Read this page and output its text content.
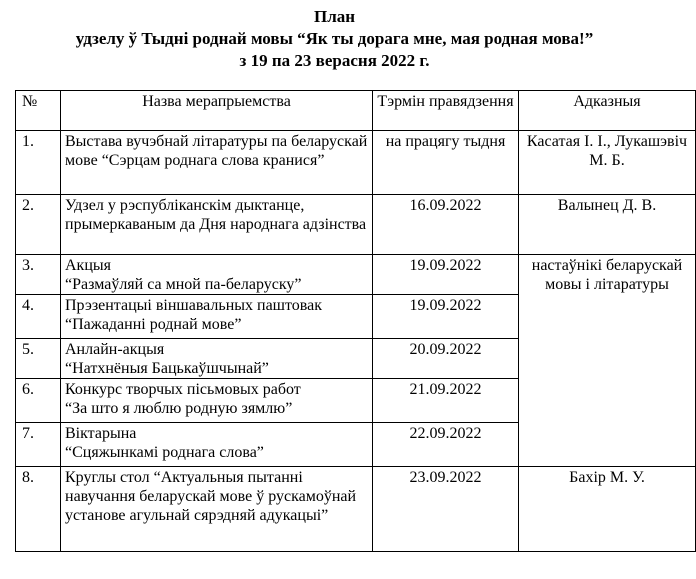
План
удзелу ў Тыдні роднай мовы “Як ты дорага мне, мая родная мова!”
з 19 па 23 верасня 2022 г.
№	Назва мерапрыемства	Тэрмін правядзення	Адказныя
1.	Выстава вучэбнай літаратуры па беларускай мове “Сэрцам роднага слова кранися”	на працягу тыдня	Касатая І. І., Лукашэвіч М. Б.
2.	Удзел у рэспубліканскім дыктанце, прымеркаваным да Дня народнага адзінства	16.09.2022	Валынец Д. В.
3.	Акцыя
“Размаўляй са мной па-беларуску”	19.09.2022	настаўнікі беларускай мовы і літаратуры
4.	Прэзентацыі віншавальных паштовак
“Пажаданні роднай мове”	19.09.2022	
5.	Анлайн-акцыя
“Натхнёныя Бацькаўшчынай”	20.09.2022	
6.	Конкурс творчых пісьмовых работ
“За што я люблю родную зямлю”	21.09.2022	
7.	Віктарына
“Сцяжынкамі роднага слова”	22.09.2022	
8.	Круглы стол “Актуальныя пытанні навучання беларускай мове ў рускамоўнай установе агульнай сярэдняй адукацыі”	23.09.2022	Бахір М. У.
